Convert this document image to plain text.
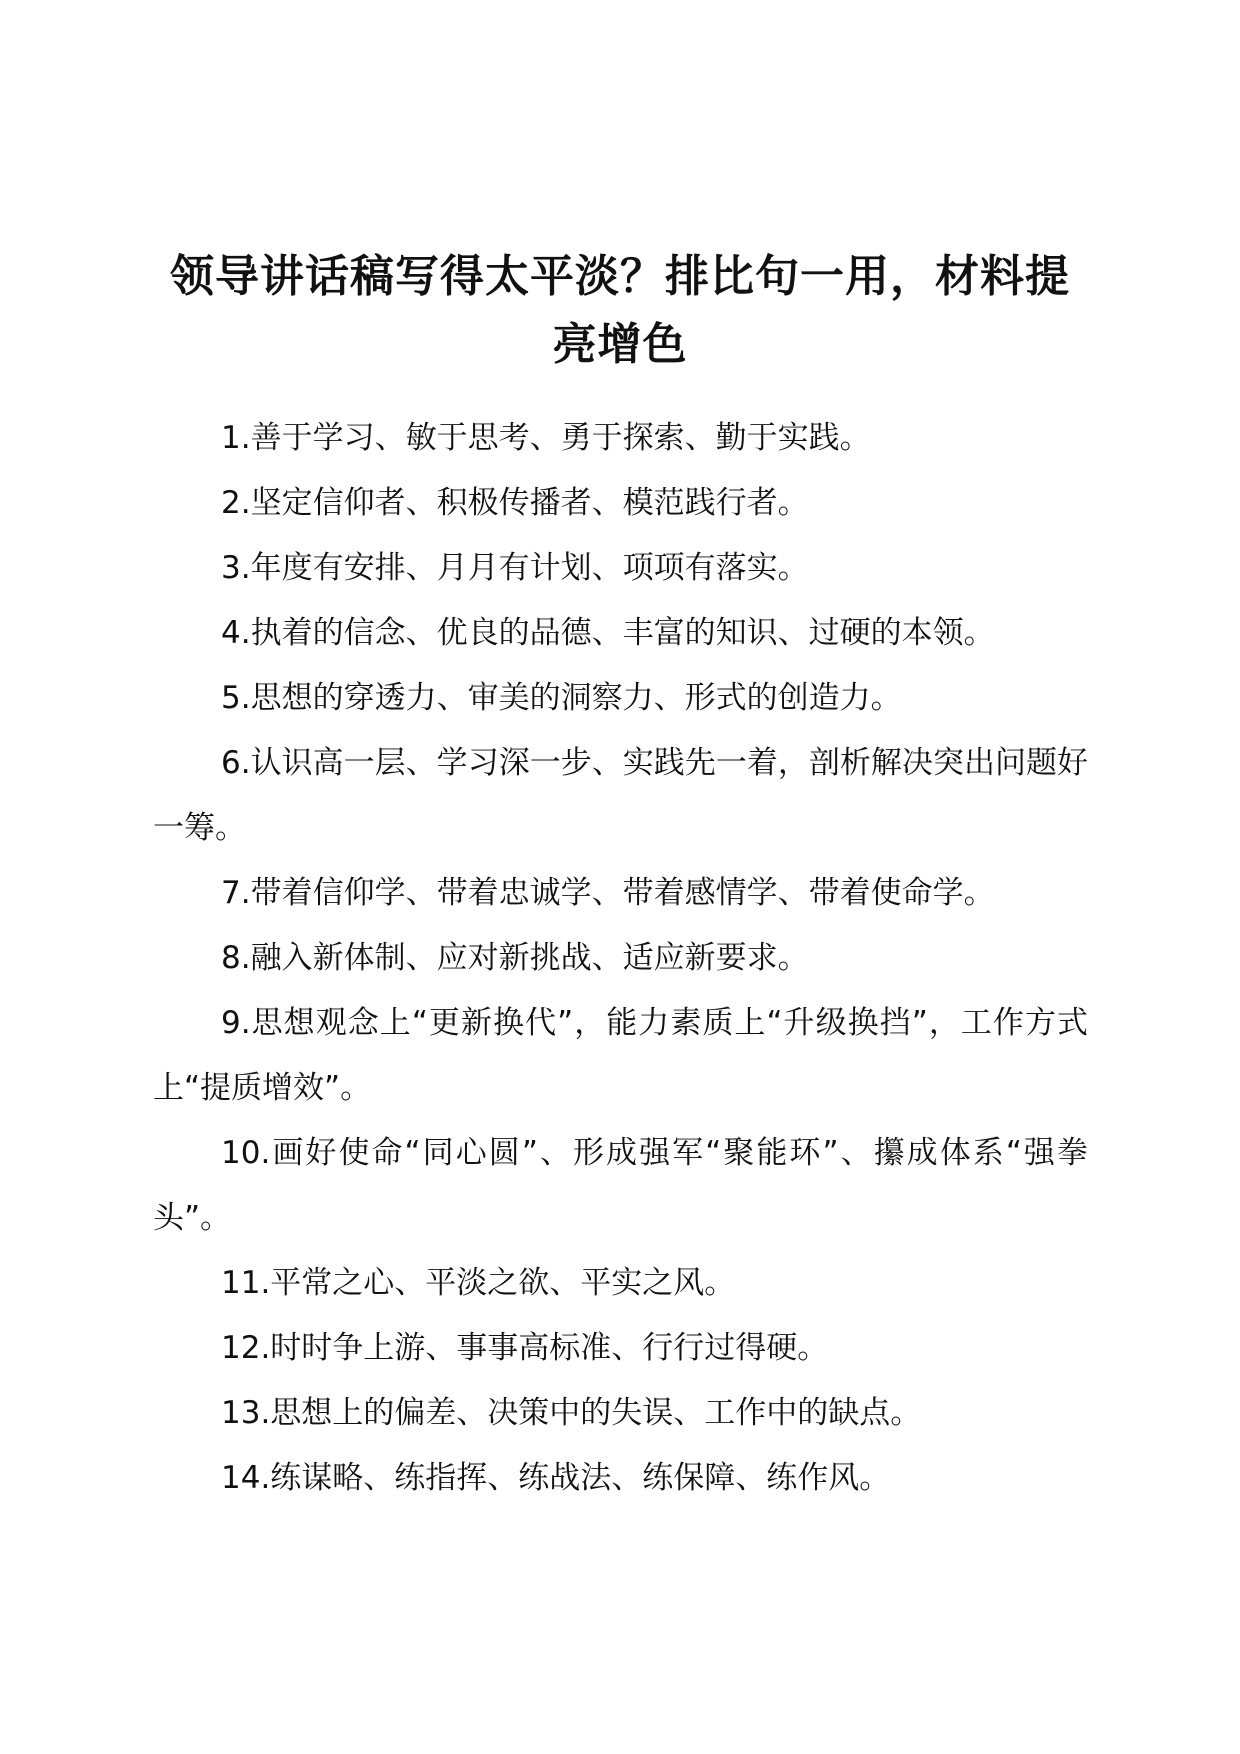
领导讲话稿写得太平淡？排比句一用，材料提亮增色

1.善于学习、敏于思考、勇于探索、勤于实践。

2.坚定信仰者、积极传播者、模范践行者。

3.年度有安排、月月有计划、项项有落实。

4.执着的信念、优良的品德、丰富的知识、过硬的本领。

5.思想的穿透力、审美的洞察力、形式的创造力。

6.认识高一层、学习深一步、实践先一着，剖析解决突出问题好一筹。

7.带着信仰学、带着忠诚学、带着感情学、带着使命学。

8.融入新体制、应对新挑战、适应新要求。

9.思想观念上“更新换代”，能力素质上“升级换挡”，工作方式上“提质增效”。

10.画好使命“同心圆”、形成强军“聚能环”、攥成体系“强拳头”。

11.平常之心、平淡之欲、平实之风。

12.时时争上游、事事高标准、行行过得硬。

13.思想上的偏差、决策中的失误、工作中的缺点。

14.练谋略、练指挥、练战法、练保障、练作风。
